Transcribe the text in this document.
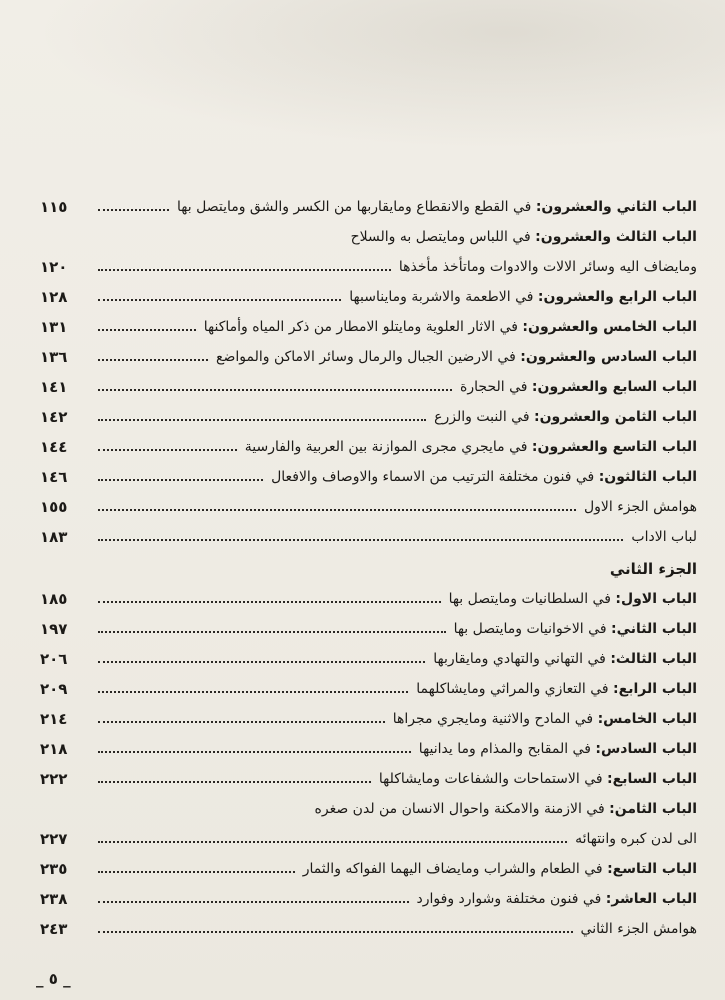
الباب الثاني والعشرون: في القطع والانقطاع ومايقاربها من الكسر والشق ومايتصل بها
١١٥
الباب الثالث والعشرون: في اللباس ومايتصل به والسلاح
ومايضاف اليه وسائر الالات والادوات وماتأخذ مأخذها
١٢٠
الباب الرابع والعشرون: في الاطعمة والاشربة ومايناسبها
١٢٨
الباب الخامس والعشرون: في الاثار العلوية ومايتلو الامطار من ذكر المياه وأماكنها
١٣١
الباب السادس والعشرون: في الارضين الجبال والرمال وسائر الاماكن والمواضع
١٣٦
الباب السابع والعشرون: في الحجارة
١٤١
الباب الثامن والعشرون: في النبت والزرع
١٤٢
الباب التاسع والعشرون: في مايجري مجرى الموازنة بين العربية والفارسية
١٤٤
الباب الثالثون: في فنون مختلفة الترتيب من الاسماء والاوصاف والافعال
١٤٦
هوامش الجزء الاول
١٥٥
لباب الاداب
١٨٣
الجزء الثاني
الباب الاول: في السلطانيات ومايتصل بها
١٨٥
الباب الثاني: في الاخوانيات ومايتصل بها
١٩٧
الباب الثالث: في التهاني والتهادي ومايقاربها
٢٠٦
الباب الرابع: في التعازي والمراثي ومايشاكلهما
٢٠٩
الباب الخامس: في المادح والاثنية ومايجري مجراها
٢١٤
الباب السادس: في المقابح والمذام وما يدانيها
٢١٨
الباب السابع: في الاستماحات والشفاعات ومايشاكلها
٢٢٢
الباب الثامن: في الازمنة والامكنة واحوال الانسان من لدن صغره
الى لدن كبره وانتهائه
٢٢٧
الباب التاسع: في الطعام والشراب ومايضاف اليهما الفواكه والثمار
٢٣٥
الباب العاشر: في فنون مختلفة وشوارد وفوارد
٢٣٨
هوامش الجزء الثاني
٢٤٣
_ ٥ _
